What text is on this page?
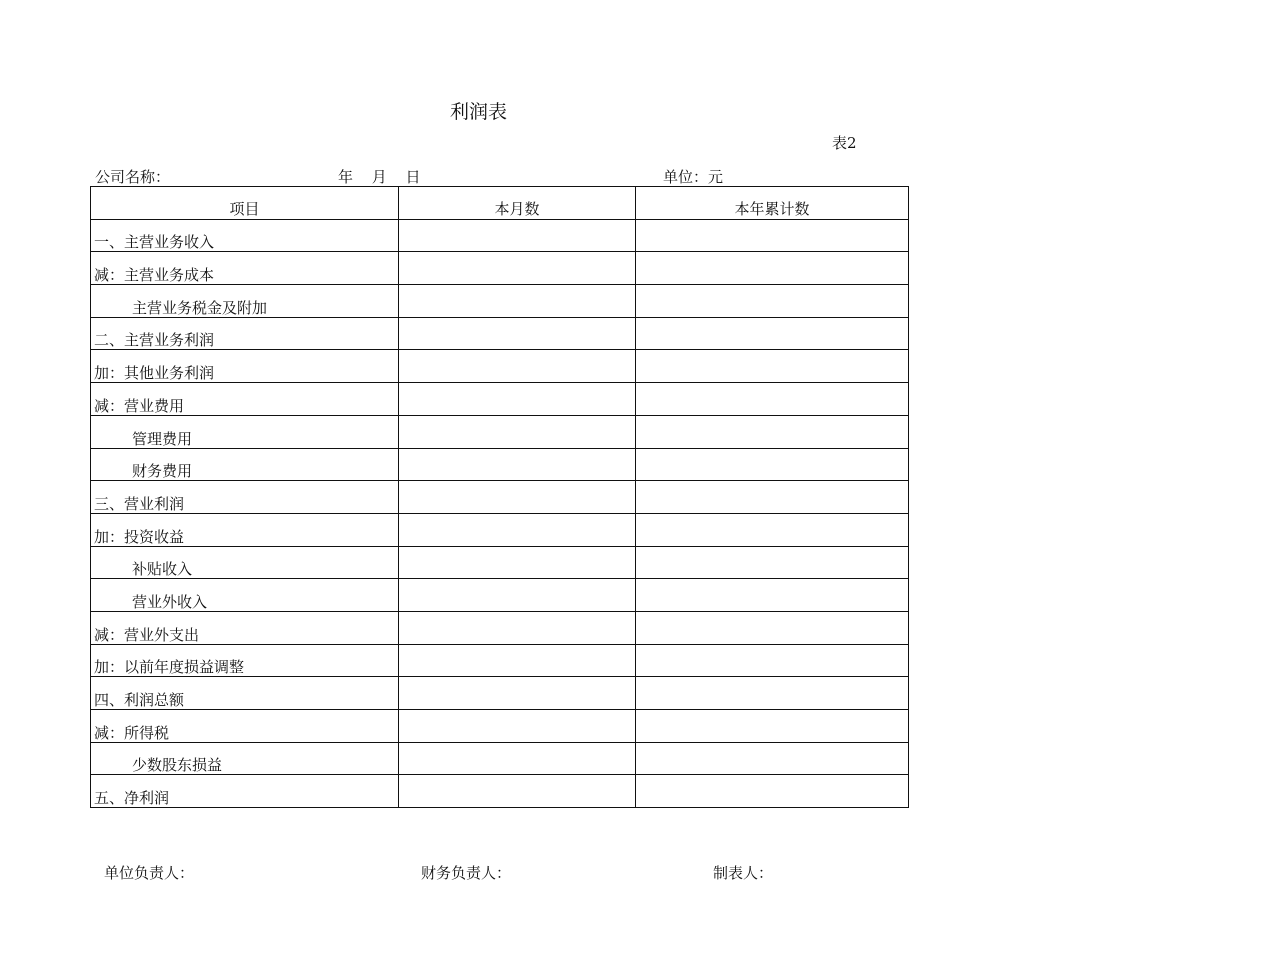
利润表
表2
公司名称：	年 月 日	单位：元
项目	本月数	本年累计数
一、主营业务收入		
减：主营业务成本		
主营业务税金及附加		
二、主营业务利润		
加：其他业务利润		
减：营业费用		
管理费用		
财务费用		
三、营业利润		
加：投资收益		
补贴收入		
营业外收入		
减：营业外支出		
加：以前年度损益调整		
四、利润总额		
减：所得税		
少数股东损益		
五、净利润		
单位负责人：	财务负责人：	制表人：
